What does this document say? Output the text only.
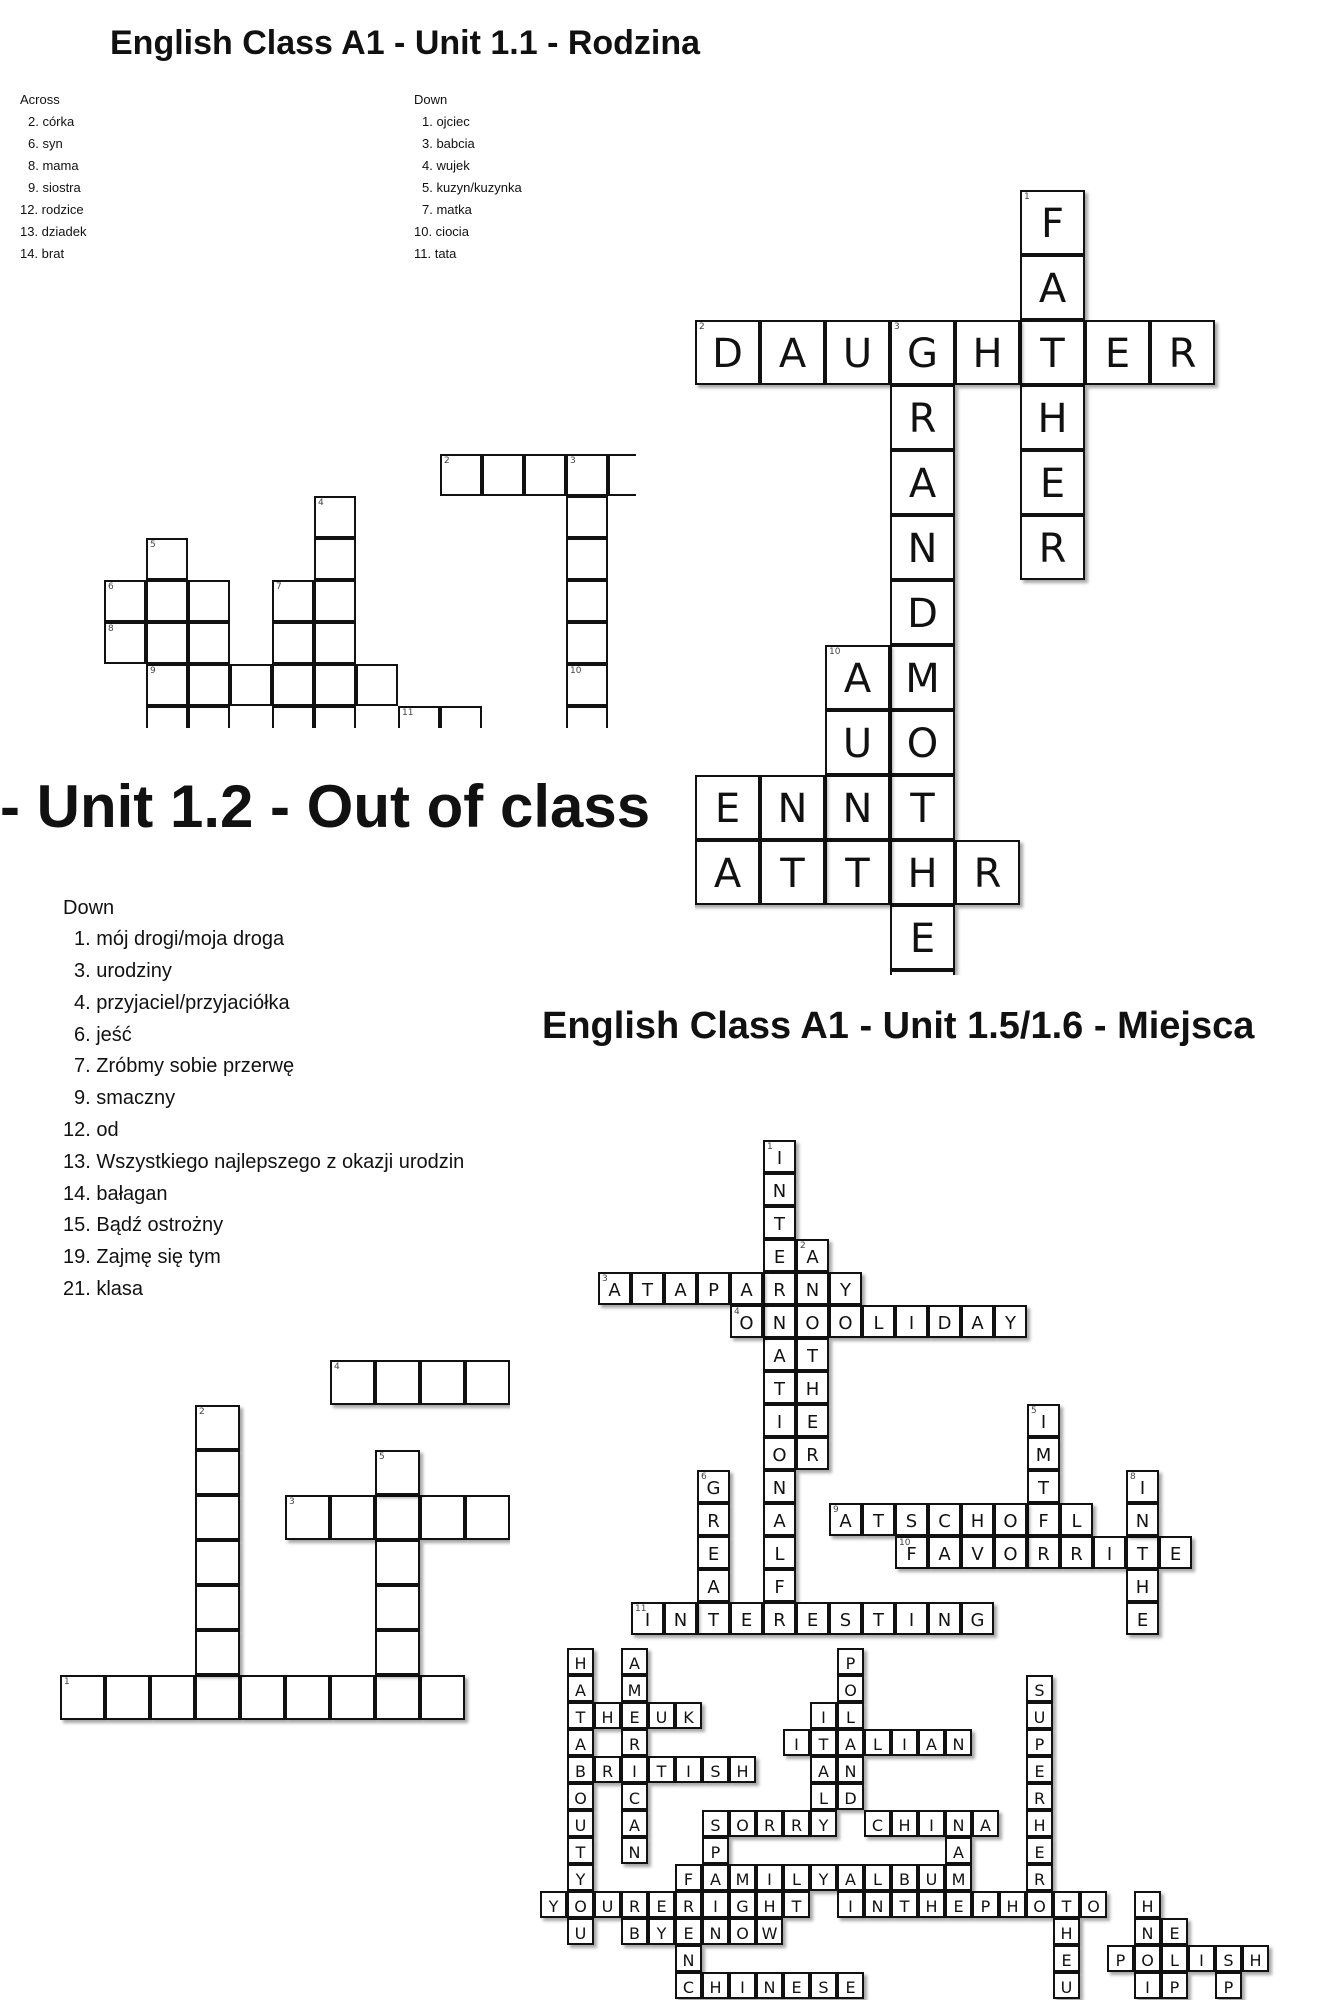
English Class A1 - Unit 1.1 - Rodzina
Across
2. córka
6. syn
8. mama
9. siostra
12. rodzice
13. dziadek
14. brat
Down
1. ojciec
3. babcia
4. wujek
5. kuzyn/kuzynka
7. matka
10. ciocia
11. tata
2	3
10
4
5
6
8
7
9
11
F
1
A
T
H
E
R
D
2
A U G
3
H	E R
R
A
N
D
M
O
T
H
E
A
10
U
N
T
E N
A T	R
- Unit 1.2 - Out of class
Down
1. mój drogi/moja droga
3. urodziny
4. przyjaciel/przyjaciółka
6. jeść
7. Zróbmy sobie przerwę
9. smaczny
12. od
13. Wszystkiego najlepszego z okazji urodzin
14. bałagan
15. Bądź ostrożny
19. Zajmę się tym
21. klasa
1
2
3
4
5
English Class A1 - Unit 1.5/1.6 - Miejsca
I
1
N
T
E
R
N
A
T
I
O
N
A
L
F
A
2
N
O
T
H
E
R
A
3
T	A	P	A	Y
O
4
O	L	I	D	A	Y
I
5
M
T
F
R
G
6
R
E
A
T
A
9
T	S	C	H	O	L
F
10
A	V	O	R	I	T	E
I
8
N
H
E
I
11
N	E	R	E	S	T	I	N	G
H	A	P
A	M	O	S
T	H E	U K	I	L	U
A	R	I	T	A	L	I	A N	P
B R	I	T	I	S H	A N	E
O	C	L	D	R
U	A	S O R R	Y	C H	I	N A	H
T	N	P	A	E
Y	F	A M	I	L	Y	A	L	B U M	R
Y O U R	E	R	I	G H	T	I	N	T	H E	P	H O T O	H
U	B	Y	E N O W	H	N E
N	E	P O	L	I	S H
C H	I	N E	S	E	U	I	P	P
